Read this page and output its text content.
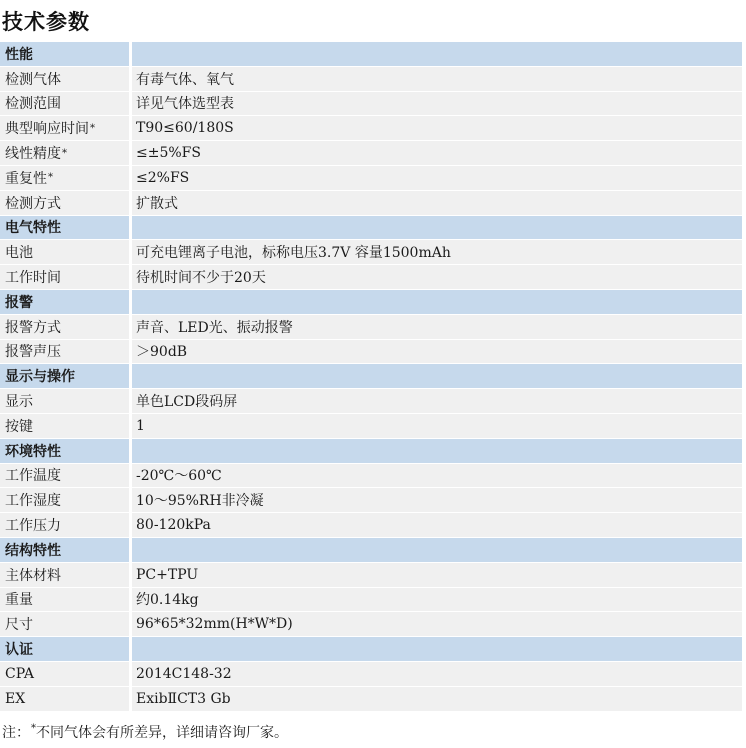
技术参数
性能
检测气体	有毒气体、氧气
检测范围	详见气体选型表
典型响应时间 *	T90≤60/180S
线性精度 *	≤±5%FS
重复性 *	≤2%FS
检测方式	扩散式
电气特性
电池	可充电锂离子电池，标称电压3.7V 容量1500mAh
工作时间	待机时间不少于20天
报警
报警方式	声音、LED光、振动报警
报警声压	＞90dB
显示与操作
显示	单色LCD段码屏
按键	1
环境特性
工作温度	-20℃～60℃
工作湿度	10～95%RH非冷凝
工作压力	80-120kPa
结构特性
主体材料	PC+TPU
重量	约0.14kg
尺寸	96*65*32mm(H*W*D)
认证
CPA	2014C148-32
EX	ExibⅡCT3 Gb
注：*不同气体会有所差异，详细请咨询厂家。
